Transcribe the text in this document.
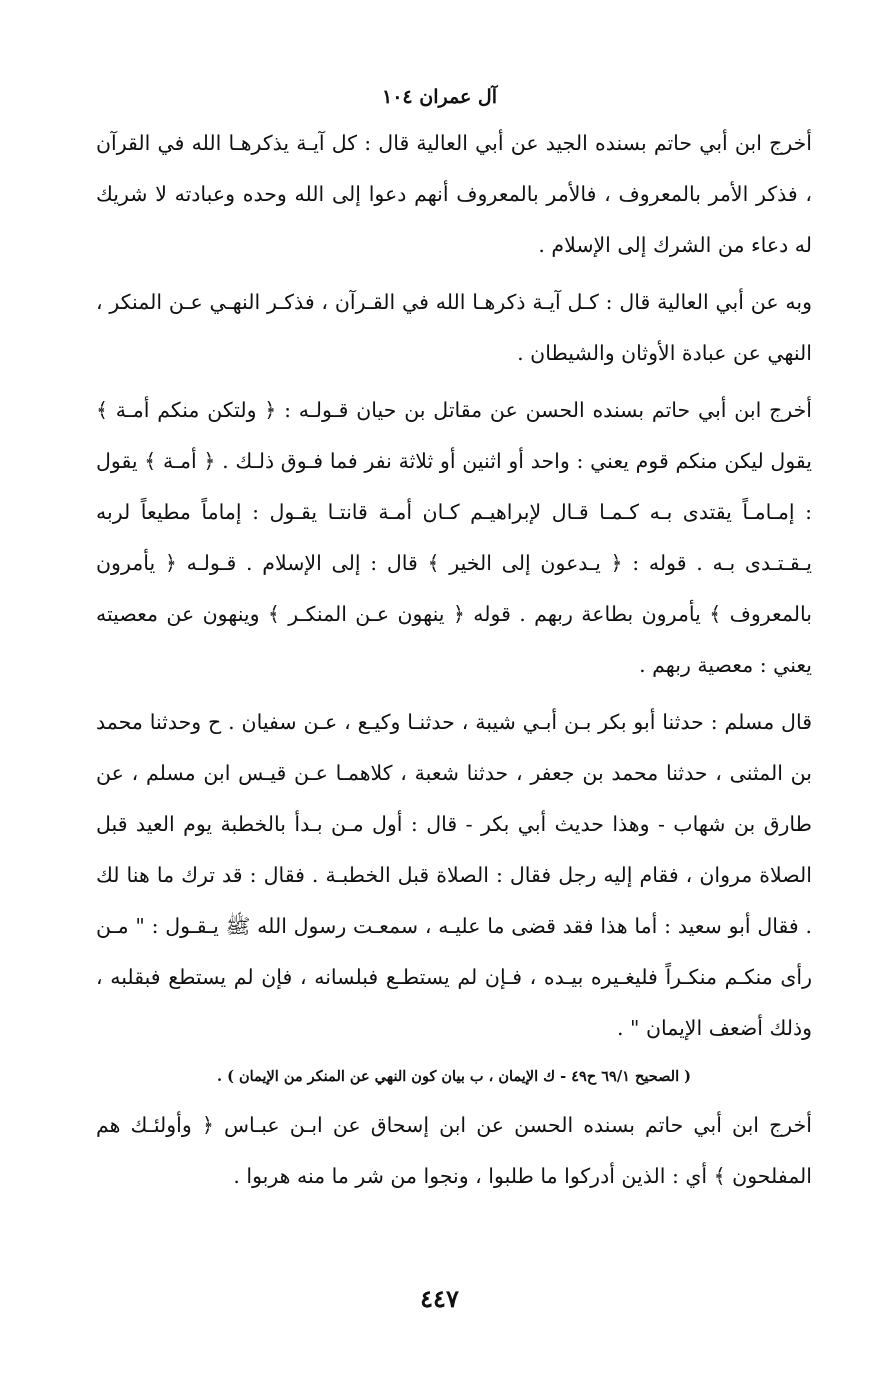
آل عمران ١٠٤

أخرج ابن أبي حاتم بسنده الجيد عن أبي العالية قال : كل آيـة يذكرهـا الله في القرآن ، فذكر الأمر بالمعروف ، فالأمر بالمعروف أنهم دعوا إلى الله وحده وعبادته لا شريك له دعاء من الشرك إلى الإسلام .

وبه عن أبي العالية قال : كـل آيـة ذكرهـا الله في القـرآن ، فذكـر النهـي عـن المنكر ، النهي عن عبادة الأوثان والشيطان .

أخرج ابن أبي حاتم بسنده الحسن عن مقاتل بن حيان قـولـه : ﴿ ولتكن منكم أمـة ﴾ يقول ليكن منكم قوم يعني : واحد أو اثنين أو ثلاثة نفر فما فـوق ذلـك . ﴿ أمـة ﴾ يقول : إمـامـاً يقتدى بـه كـمـا قـال لإبراهيـم كـان أمـة قانتـا يقـول : إماماً مطيعاً لربه يـقـتـدى بـه . قوله : ﴿ يـدعون إلى الخير ﴾ قال : إلى الإسلام . قـولـه ﴿ يأمرون بالمعروف ﴾ يأمرون بطاعة ربهم . قوله ﴿ ينهون عـن المنكـر ﴾ وينهون عن معصيته يعني : معصية ربهم .

قال مسلم : حدثنا أبو بكر بـن أبـي شيبة ، حدثنـا وكيـع ، عـن سفيان . ح وحدثنا محمد بن المثنى ، حدثنا محمد بن جعفر ، حدثنا شعبة ، كلاهمـا عـن قيـس ابن مسلم ، عن طارق بن شهاب - وهذا حديث أبي بكر - قال : أول مـن بـدأ بالخطبة يوم العيد قبل الصلاة مروان ، فقام إليه رجل فقال : الصلاة قبل الخطبـة . فقال : قد ترك ما هنا لك . فقال أبو سعيد : أما هذا فقد قضى ما عليـه ، سمعـت رسول الله ﷺ يـقـول : " مـن رأى منكـم منكـراً فليغـيره بيـده ، فـإن لم يستطـع فبلسانه ، فإن لم يستطع فبقلبه ، وذلك أضعف الإيمان " .

( الصحيح ٦٩/١ ح٤٩ - ك الإيمان ، ب بيان كون النهي عن المنكر من الإيمان ) .

أخرج ابن أبي حاتم بسنده الحسن عن ابن إسحاق عن ابـن عبـاس ﴿ وأولئـك هم المفلحون ﴾ أي : الذين أدركوا ما طلبوا ، ونجوا من شر ما منه هربوا .

٤٤٧
